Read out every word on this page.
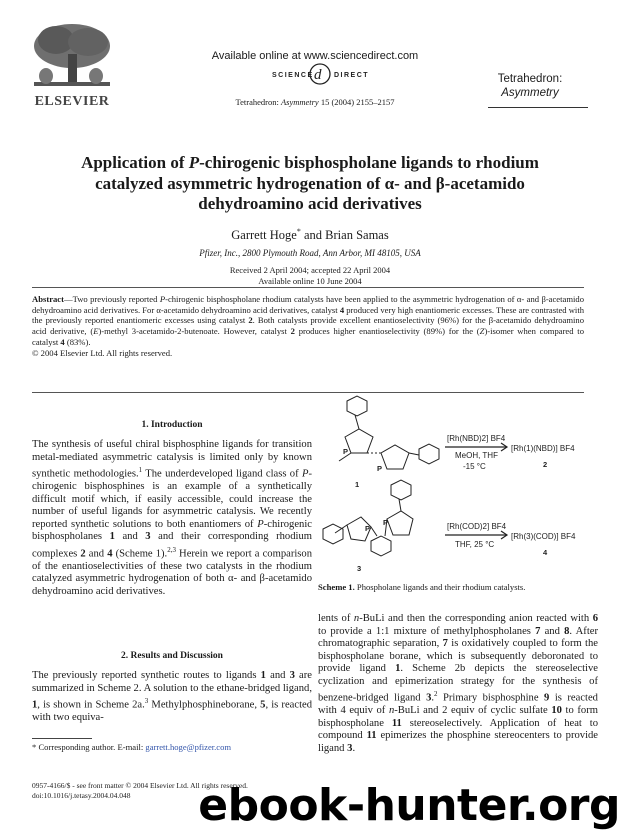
ELSEVIER
Available online at www.sciencedirect.com
SCIENCE d DIRECT
Tetrahedron: Asymmetry 15 (2004) 2155–2157
Tetrahedron:
Asymmetry
Application of P-chirogenic bisphospholane ligands to rhodium
catalyzed asymmetric hydrogenation of α- and β-acetamido
dehydroamino acid derivatives
Garrett Hoge* and Brian Samas
Pfizer, Inc., 2800 Plymouth Road, Ann Arbor, MI 48105, USA
Received 2 April 2004; accepted 22 April 2004
Available online 10 June 2004
Abstract—Two previously reported P-chirogenic bisphospholane rhodium catalysts have been applied to the asymmetric hydrogenation of α- and β-acetamido dehydroamino acid derivatives. For α-acetamido dehydroamino acid derivatives, catalyst 4 produced very high enantiomeric excesses. These are contrasted with the previously reported enantiomeric excesses using catalyst 2. Both catalysts provide excellent enantioselectivity (96%) for the β-acetamido dehydroamino acid derivative, (E)-methyl 3-acetamido-2-butenoate. However, catalyst 2 produces higher enantioselectivity (89%) for the (Z)-isomer when compared to catalyst 4 (83%).
© 2004 Elsevier Ltd. All rights reserved.
1. Introduction
The synthesis of useful chiral bisphosphine ligands for transition metal-mediated asymmetric catalysis is limited only by known synthetic methodologies.$^1$ The underdeveloped ligand class of P-chirogenic bisphosphines is an example of a synthetically difficult motif which, if easily accessible, could increase the number of useful ligands for asymmetric catalysis. We recently reported synthetic solutions to both enantiomers of P-chirogenic bisphospholanes 1 and 3 and their corresponding rhodium complexes 2 and 4 (Scheme 1).$^{2,3}$ Herein we report a comparison of the enantioselectivities of these two catalysts in the rhodium catalyzed asymmetric hydrogenation of both α- and β-acetamido dehydroamino acid derivatives.
2. Results and Discussion
The previously reported synthetic routes to ligands 1 and 3 are summarized in Scheme 2. A solution to the ethane-bridged ligand, 1, is shown in Scheme 2a.$^3$ Methylphosphineborane, 5, is reacted with two equiva-
* Corresponding author. E-mail: garrett.hoge@pfizer.com
0957-4166/$ - see front matter © 2004 Elsevier Ltd. All rights reserved.
doi:10.1016/j.tetasy.2004.04.048
P
P
P
P
1
3
[Rh(NBD)2] BF4
MeOH, THF
-15 °C
[Rh(1)(NBD)] BF4
2
[Rh(COD)2] BF4
THF, 25 °C
[Rh(3)(COD)] BF4
4
Scheme 1. Phospholane ligands and their rhodium catalysts.
lents of n-BuLi and then the corresponding anion reacted with 6 to provide a 1:1 mixture of methylphospholanes 7 and 8. After chromatographic separation, 7 is oxidatively coupled to form the bisphospholane borane, which is subsequently deboronated to provide ligand 1. Scheme 2b depicts the stereoselective cyclization and epimerization strategy for the synthesis of benzene-bridged ligand 3.$^2$ Primary bisphosphine 9 is reacted with 4 equiv of n-BuLi and 2 equiv of cyclic sulfate 10 to form bisphospholane 11 stereoselectively. Application of heat to compound 11 epimerizes the phosphine stereocenters to provide ligand 3.
ebook-hunter.org
